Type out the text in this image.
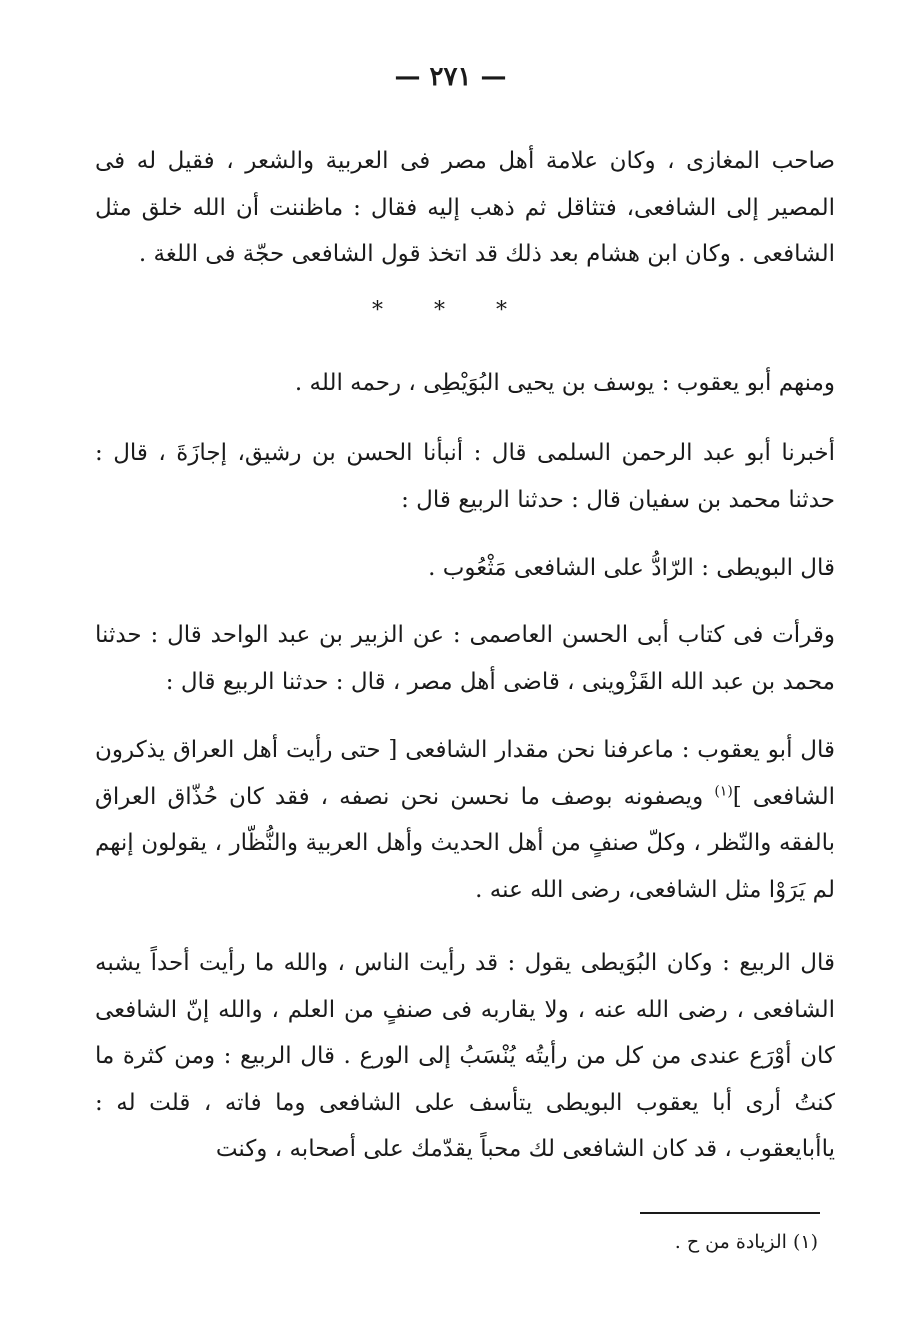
— ٢٧١ —

صاحب المغازى ، وكان علامة أهل مصر فى العربية والشعر ، فقيل له فى المصير إلى الشافعى، فتثاقل ثم ذهب إليه فقال : ماظننت أن الله خلق مثل الشافعى . وكان ابن هشام بعد ذلك قد اتخذ قول الشافعى حجّة فى اللغة .

* * *

ومنهم أبو يعقوب : يوسف بن يحيى البُوَيْطِى ، رحمه الله .

أخبرنا أبو عبد الرحمن السلمى قال : أنبأنا الحسن بن رشيق، إجازَةَ ، قال : حدثنا محمد بن سفيان قال : حدثنا الربيع قال :

قال البويطى : الرّادُّ على الشافعى مَثْعُوب .

وقرأت فى كتاب أبى الحسن العاصمى : عن الزبير بن عبد الواحد قال : حدثنا محمد بن عبد الله القَزْوينى ، قاضى أهل مصر ، قال : حدثنا الربيع قال :

قال أبو يعقوب : ماعرفنا نحن مقدار الشافعى [ حتى رأيت أهل العراق يذكرون الشافعى ]$^{(١)}$ ويصفونه بوصف ما نحسن نحن نصفه ، فقد كان حُذّاق العراق بالفقه والنّظر ، وكلّ صنفٍ من أهل الحديث وأهل العربية والنُّظّار ، يقولون إنهم لم يَرَوْا مثل الشافعى، رضى الله عنه .

قال الربيع : وكان البُوَيطى يقول : قد رأيت الناس ، والله ما رأيت أحداً يشبه الشافعى ، رضى الله عنه ، ولا يقاربه فى صنفٍ من العلم ، والله إنّ الشافعى كان أوْرَع عندى من كل من رأيتُه يُنْسَبُ إلى الورع . قال الربيع : ومن كثرة ما كنتُ أرى أبا يعقوب البويطى يتأسف على الشافعى وما فاته ، قلت له : ياأبايعقوب ، قد كان الشافعى لك محباً يقدّمك على أصحابه ، وكنت

(١) الزيادة من ح .
